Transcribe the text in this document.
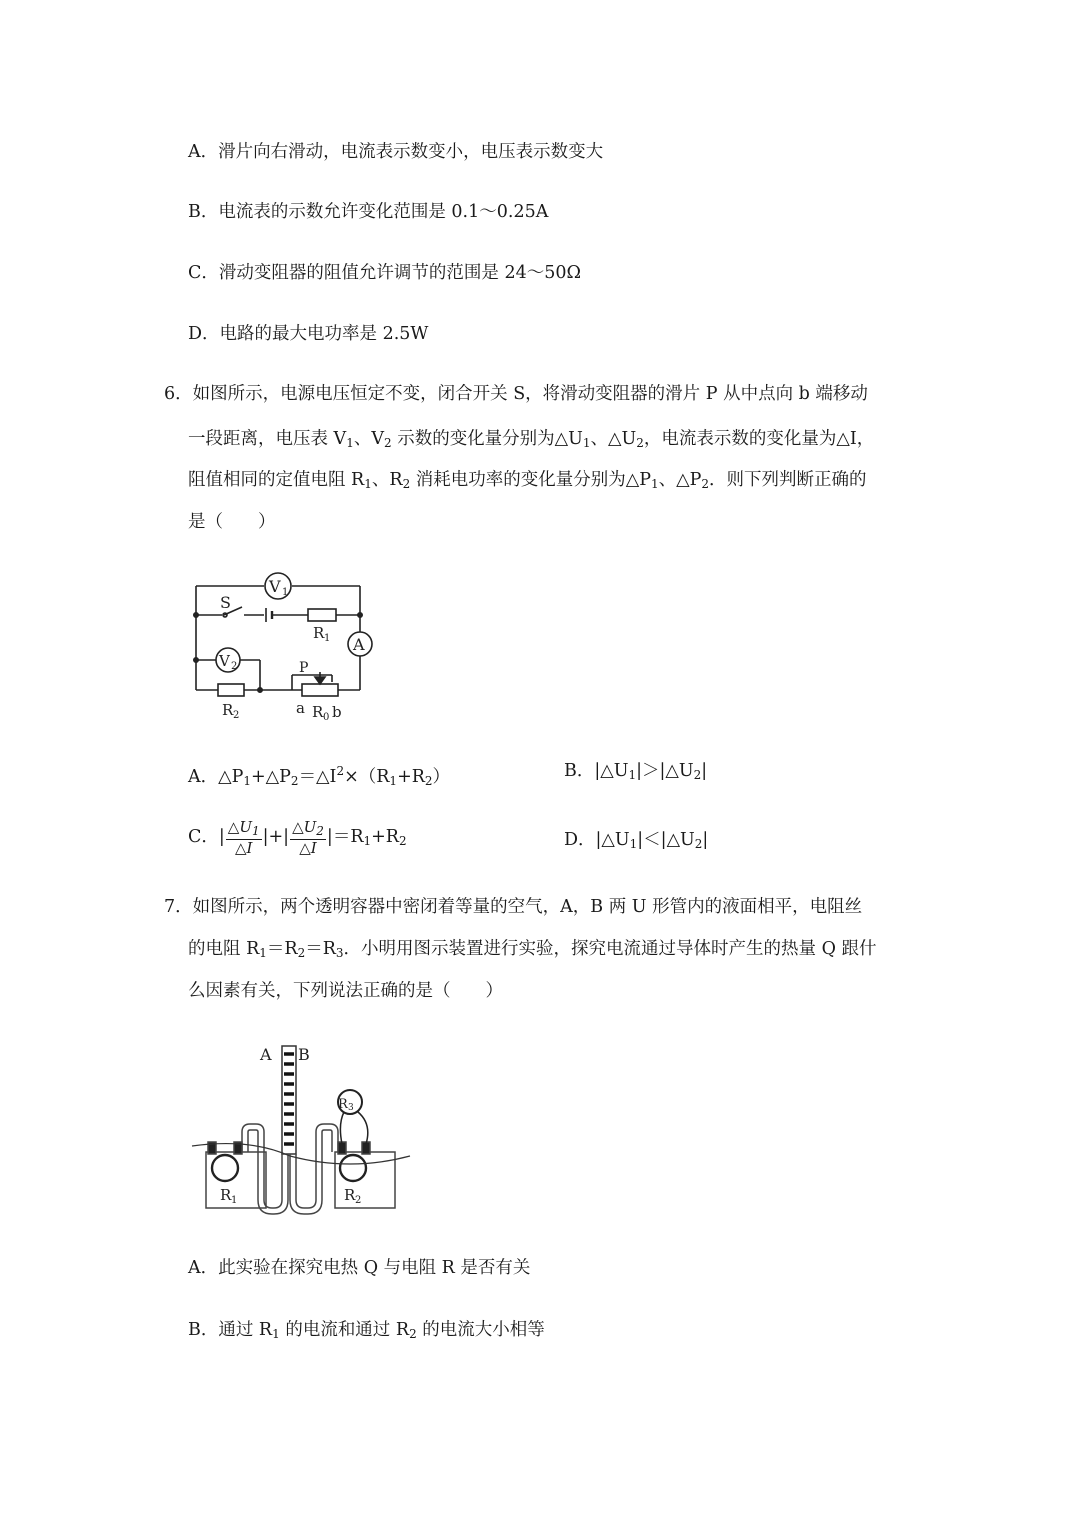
A．滑片向右滑动，电流表示数变小，电压表示数变大
B．电流表的示数允许变化范围是 0.1～0.25A
C．滑动变阻器的阻值允许调节的范围是 24～50Ω
D．电路的最大电功率是 2.5W
6．如图所示，电源电压恒定不变，闭合开关 S，将滑动变阻器的滑片 P 从中点向 b 端移动
一段距离，电压表 $V_1$、$V_2$ 示数的变化量分别为$\triangle U_1$、$\triangle U_2$，电流表示数的变化量为△I，
阻值相同的定值电阻 $R_1$、$R_2$ 消耗电功率的变化量分别为$\triangle P_1$、$\triangle P_2$．则下列判断正确的
是（　　）
V 1
S
R 1 A
V 2	P
R 2	a R 0 b
A．$\triangle P_1+\triangle P_2=\triangle I^2\times(R_1+R_2)$	B．$|\triangle U_1|>|\triangle U_2|$
C．| $\frac{\triangle U_1}{\triangle I}$ |+| $\frac{\triangle U_2}{\triangle I} |=R_1+R_2$	D．$|\triangle U_1|<|\triangle U_2|$
7．如图所示，两个透明容器中密闭着等量的空气，A，B 两 U 形管内的液面相平，电阻丝
的电阻 $R_1=R_2=R_3$．小明用图示装置进行实验，探究电流通过导体时产生的热量 Q 跟什
么因素有关，下列说法正确的是（　　）
A B
R 1	R 2
R 3
A．此实验在探究电热 Q 与电阻 R 是否有关
B．通过 $R_1$ 的电流和通过 $R_2$ 的电流大小相等
